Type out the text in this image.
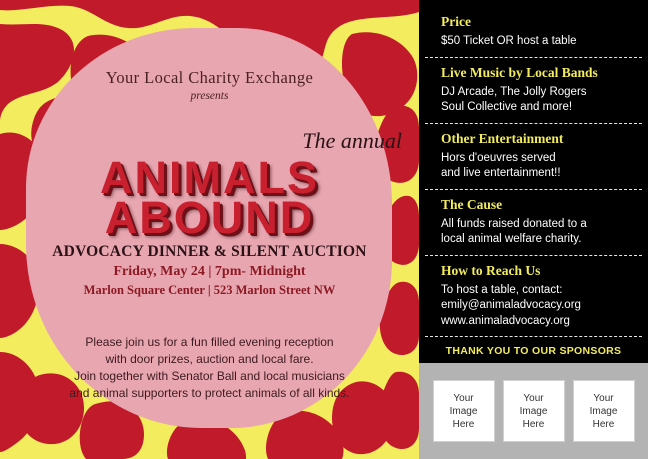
Your Local Charity Exchange
presents
The annual
ANIMALS
ABOUND
ADVOCACY DINNER & SILENT AUCTION
Friday, May 24 | 7pm- Midnight
Marlon Square Center | 523 Marlon Street NW
Please join us for a fun filled evening reception
with door prizes, auction and local fare.
Join together with Senator Ball and local musicians
and animal supporters to protect animals of all kinds.
Price
$50 Ticket OR host a table
Live Music by Local Bands
DJ Arcade, The Jolly Rogers
Soul Collective and more!
Other Entertainment
Hors d'oeuvres served
and live entertainment!!
The Cause
All funds raised donated to a
local animal welfare charity.
How to Reach Us
To host a table, contact:
emily@animaladvocacy.org
www.animaladvocacy.org
THANK YOU TO OUR SPONSORS
Your
Image
Here
Your
Image
Here
Your
Image
Here
